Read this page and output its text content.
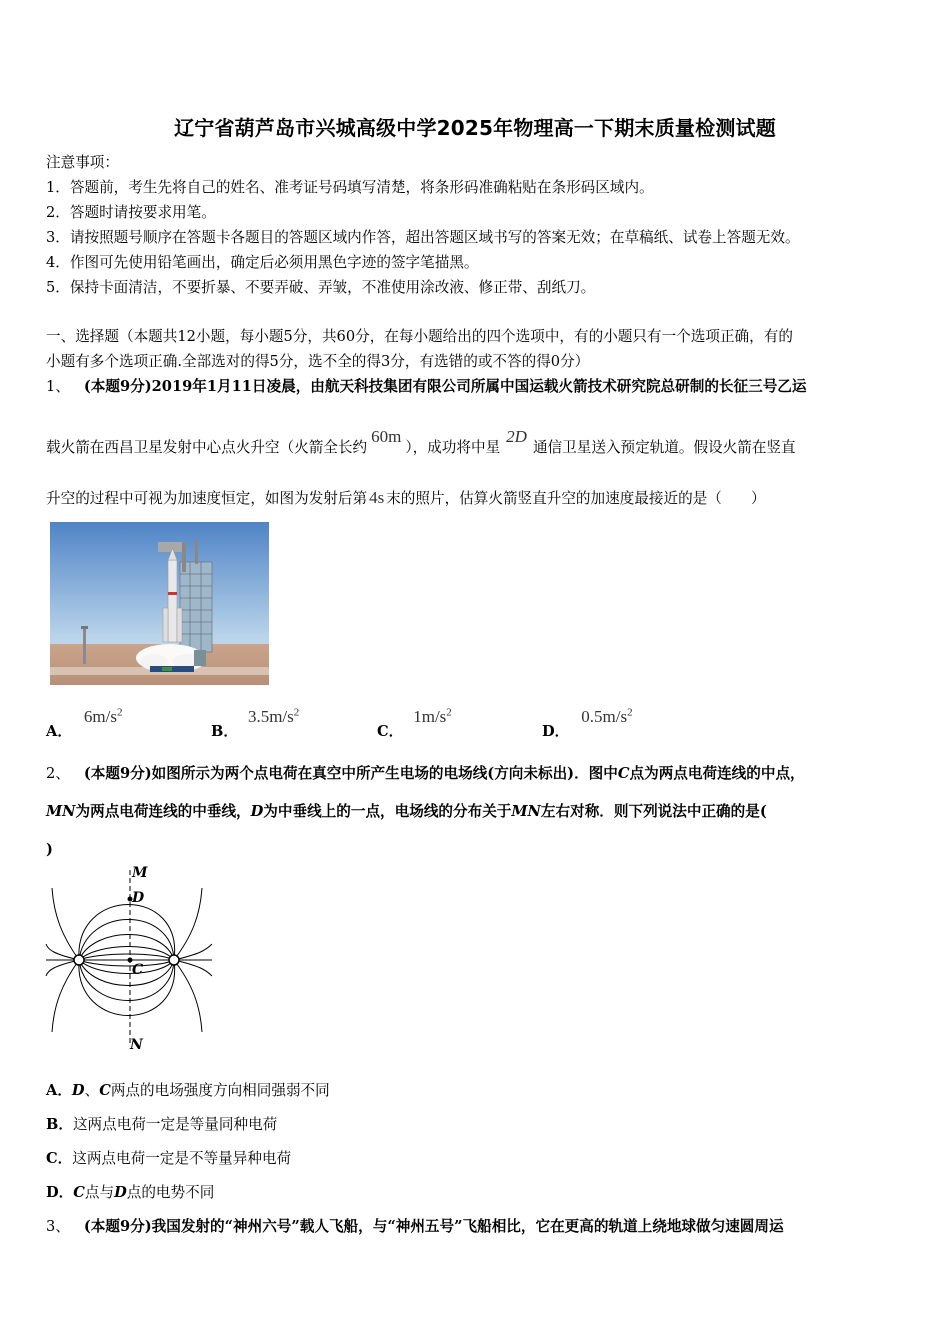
辽宁省葫芦岛市兴城高级中学2025年物理高一下期末质量检测试题
注意事项：
1．答题前，考生先将自己的姓名、准考证号码填写清楚，将条形码准确粘贴在条形码区域内。
2．答题时请按要求用笔。
3．请按照题号顺序在答题卡各题目的答题区域内作答，超出答题区域书写的答案无效；在草稿纸、试卷上答题无效。
4．作图可先使用铅笔画出，确定后必须用黑色字迹的签字笔描黑。
5．保持卡面清洁，不要折暴、不要弄破、弄皱，不准使用涂改液、修正带、刮纸刀。
一、选择题（本题共12小题，每小题5分，共60分，在每小题给出的四个选项中，有的小题只有一个选项正确，有的
小题有多个选项正确.全部选对的得5分，选不全的得3分，有选错的或不答的得0分）
1、 (本题9分)2019年1月11日凌晨，由航天科技集团有限公司所属中国运载火箭技术研究院总研制的长征三号乙运
载火箭在西昌卫星发射中心点火升空（火箭全长约60m），成功将中星2D通信卫星送入预定轨道。假设火箭在竖直
升空的过程中可视为加速度恒定，如图为发射后第 4s 末的照片，估算火箭竖直升空的加速度最接近的是（　　）
A．$6m/s^2$
B．$3.5m/s^2$
C．$1m/s^2$
D．$0.5m/s^2$
2、 (本题9分)如图所示为两个点电荷在真空中所产生电场的电场线(方向未标出)．图中C点为两点电荷连线的中点，
MN为两点电荷连线的中垂线，D为中垂线上的一点，电场线的分布关于MN左右对称．则下列说法中正确的是(
)
M
D
C
N
A．D、C两点的电场强度方向相同强弱不同
B．这两点电荷一定是等量同种电荷
C．这两点电荷一定是不等量异种电荷
D．C点与D点的电势不同
3、 (本题9分)我国发射的“神州六号”载人飞船，与“神州五号”飞船相比，它在更高的轨道上绕地球做匀速圆周运
